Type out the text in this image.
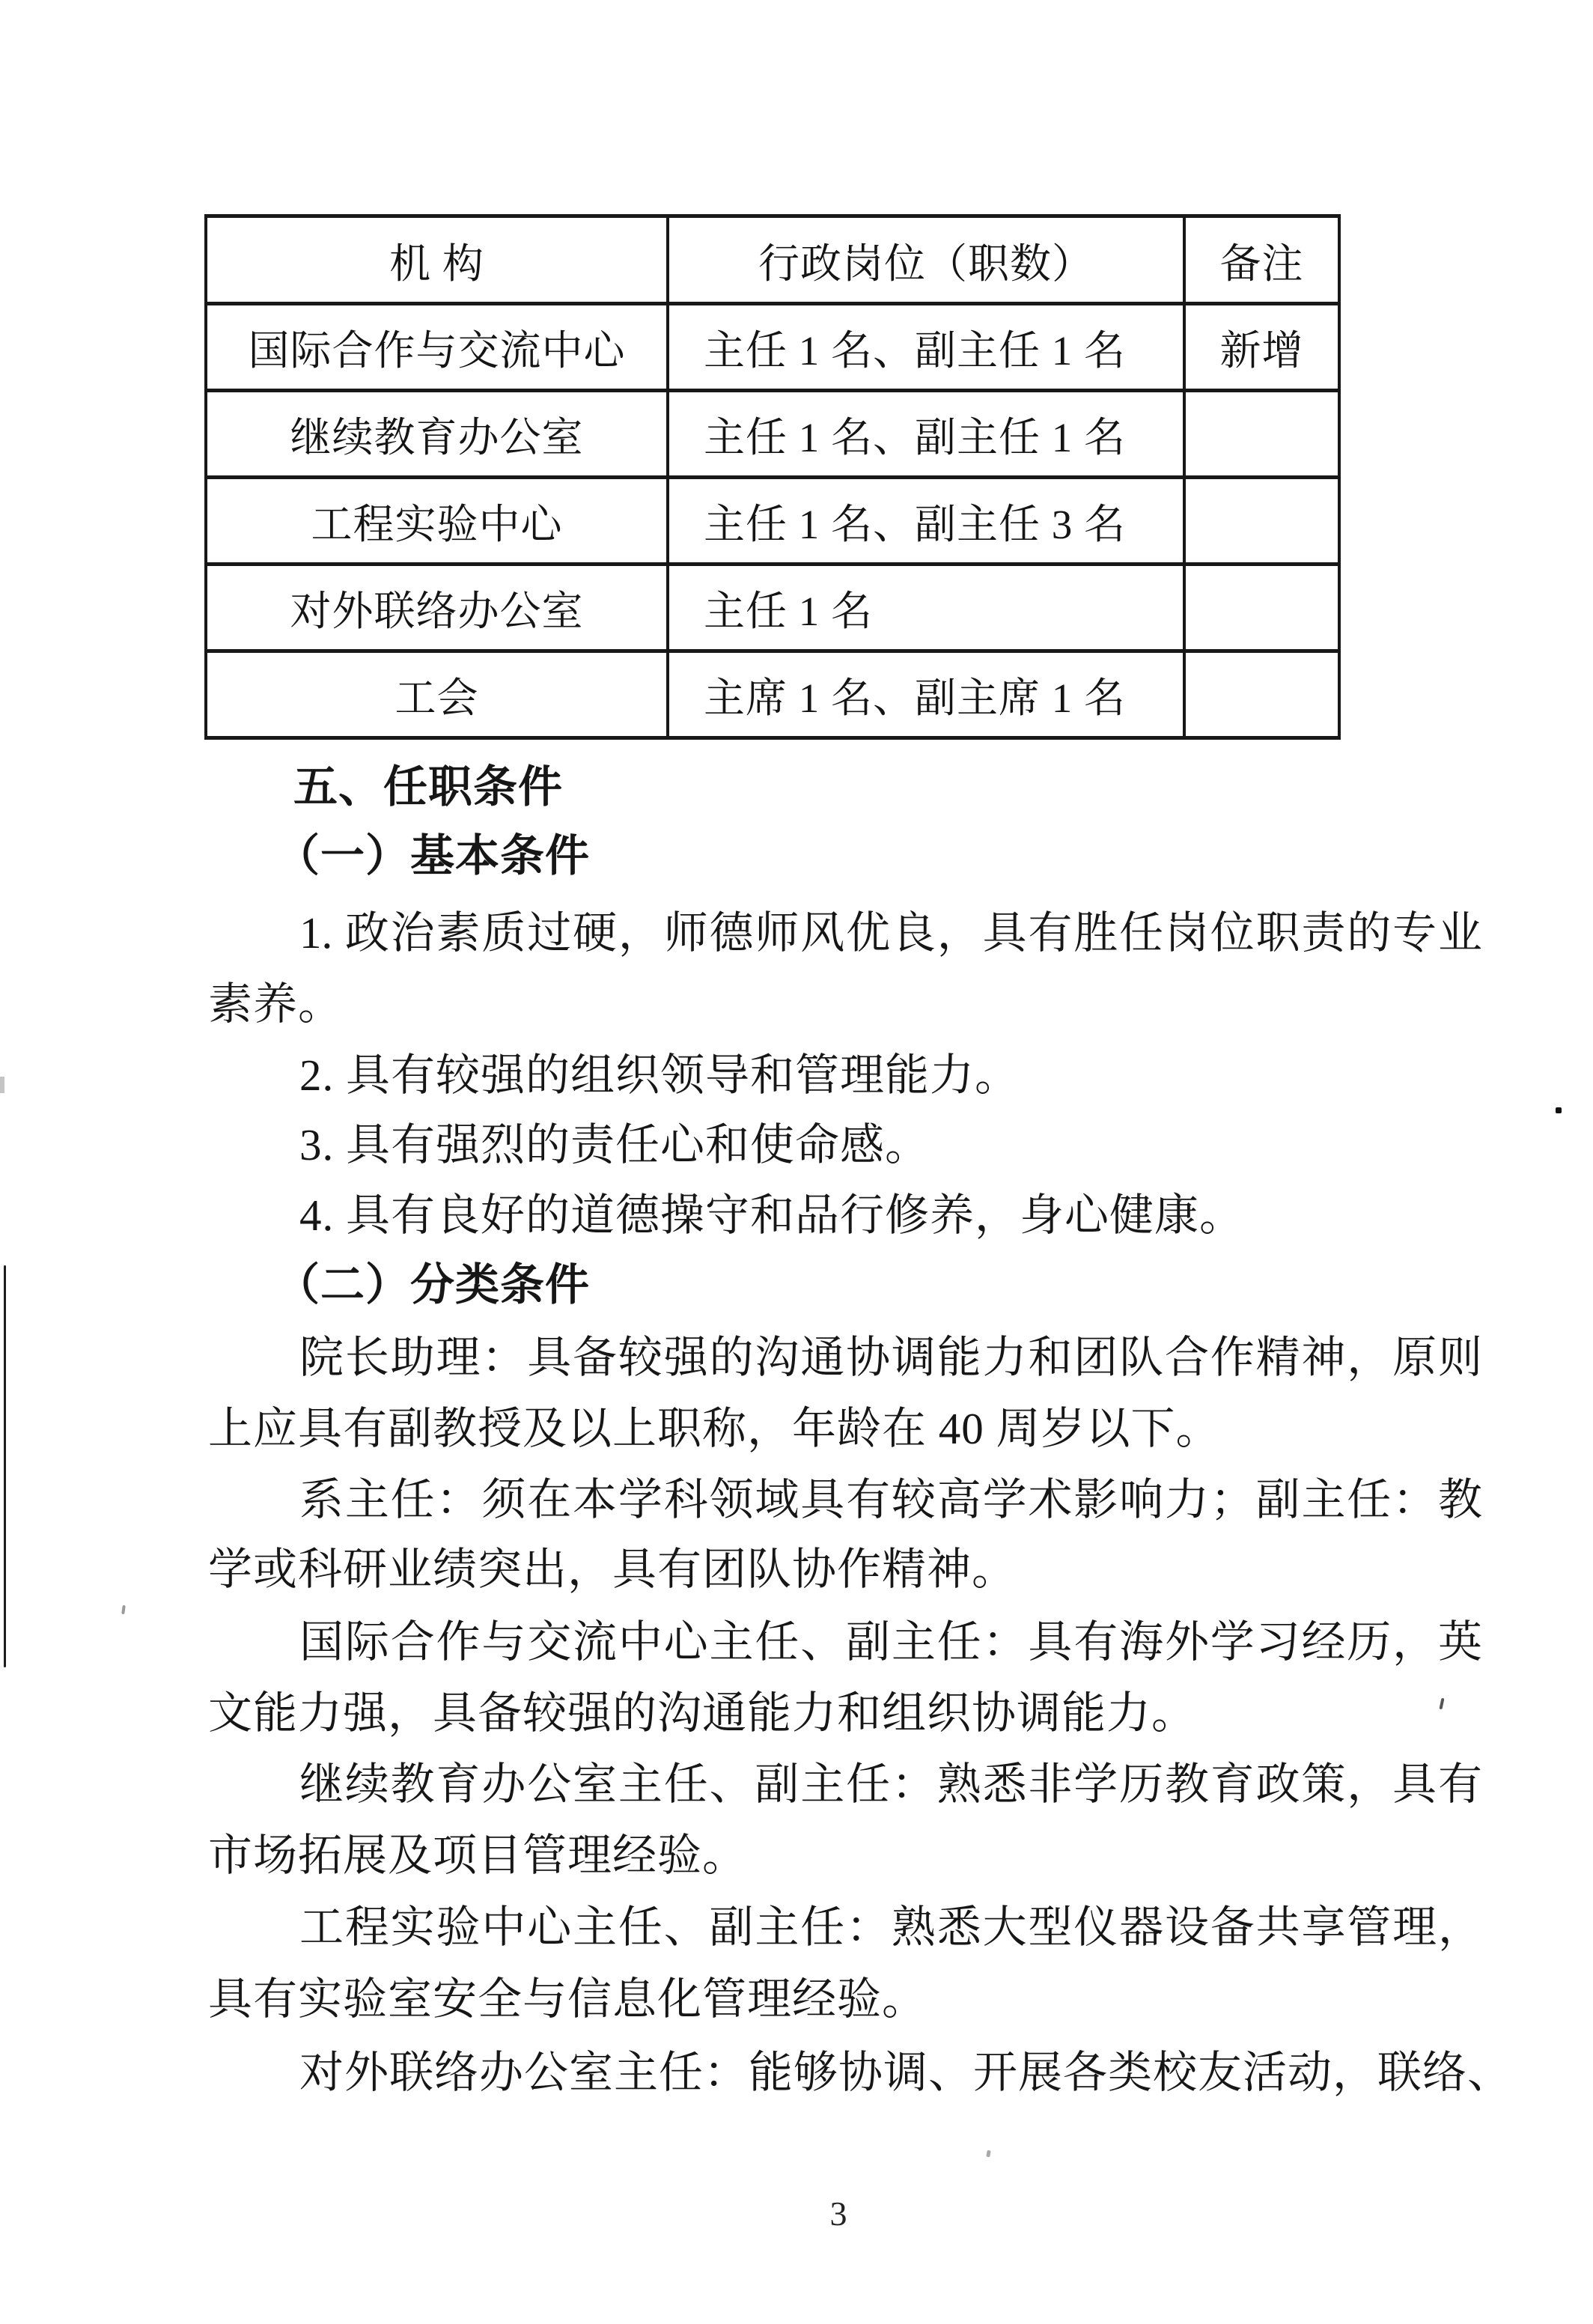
机 构	行政岗位（职数）	备注
国际合作与交流中心	主任 1 名、副主任 1 名	新增
继续教育办公室	主任 1 名、副主任 1 名	
工程实验中心	主任 1 名、副主任 3 名	
对外联络办公室	主任 1 名	
工会	主席 1 名、副主席 1 名	
五、任职条件
（一）基本条件
1. 政治素质过硬，师德师风优良，具有胜任岗位职责的专业
素养。
2. 具有较强的组织领导和管理能力。
3. 具有强烈的责任心和使命感。
4. 具有良好的道德操守和品行修养，身心健康。
（二）分类条件
院长助理：具备较强的沟通协调能力和团队合作精神，原则
上应具有副教授及以上职称，年龄在 40 周岁以下。
系主任：须在本学科领域具有较高学术影响力；副主任：教
学或科研业绩突出，具有团队协作精神。
国际合作与交流中心主任、副主任：具有海外学习经历，英
文能力强，具备较强的沟通能力和组织协调能力。
继续教育办公室主任、副主任：熟悉非学历教育政策，具有
市场拓展及项目管理经验。
工程实验中心主任、副主任：熟悉大型仪器设备共享管理，
具有实验室安全与信息化管理经验。
对外联络办公室主任：能够协调、开展各类校友活动，联络、
3
